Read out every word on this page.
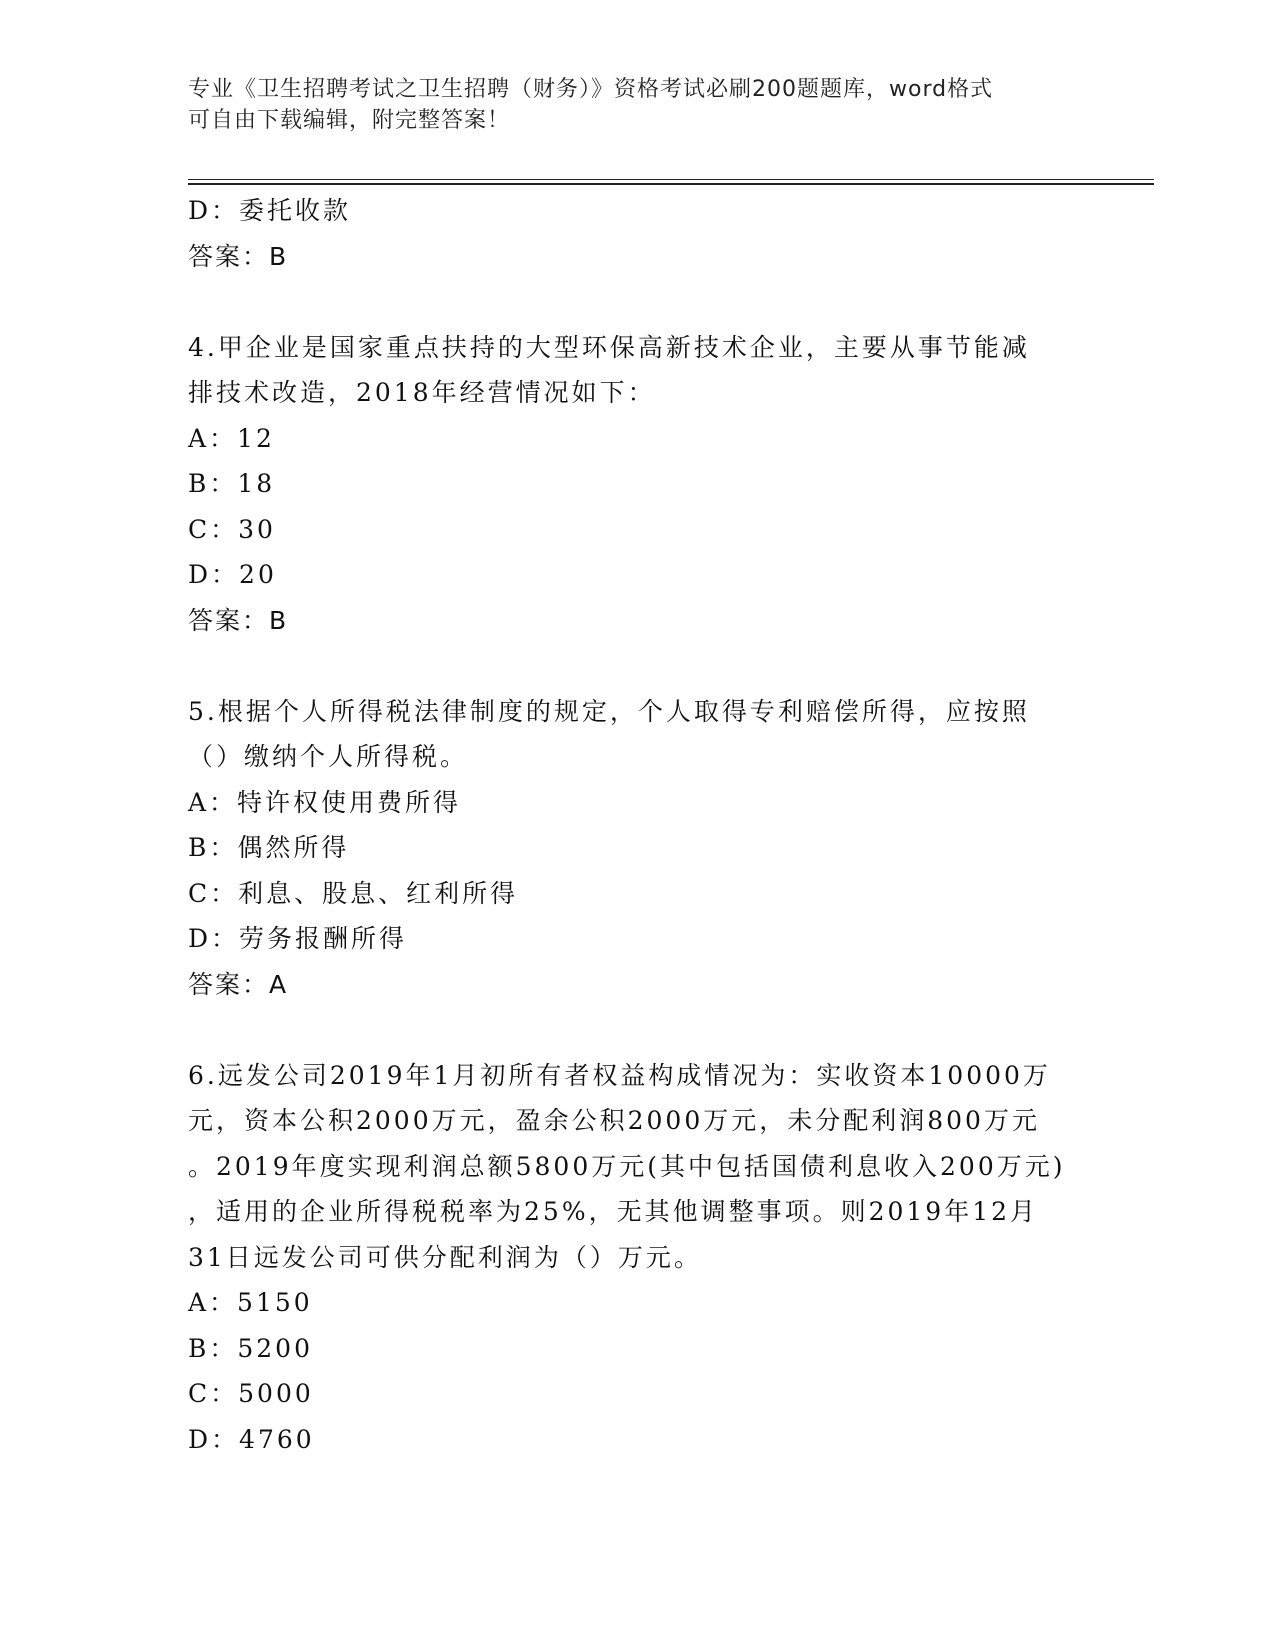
专业《卫生招聘考试之卫生招聘（财务）》资格考试必刷200题题库，word格式
可自由下载编辑，附完整答案！
D：委托收款
答案：B
4.甲企业是国家重点扶持的大型环保高新技术企业，主要从事节能减
排技术改造，2018年经营情况如下：
A：12
B：18
C：30
D：20
答案：B
5.根据个人所得税法律制度的规定，个人取得专利赔偿所得，应按照
（）缴纳个人所得税。
A：特许权使用费所得
B：偶然所得
C：利息、股息、红利所得
D：劳务报酬所得
答案：A
6.远发公司2019年1月初所有者权益构成情况为：实收资本10000万
元，资本公积2000万元，盈余公积2000万元，未分配利润800万元
。2019年度实现利润总额5800万元(其中包括国债利息收入200万元)
，适用的企业所得税税率为25%，无其他调整事项。则2019年12月
31日远发公司可供分配利润为（）万元。
A：5150
B：5200
C：5000
D：4760
